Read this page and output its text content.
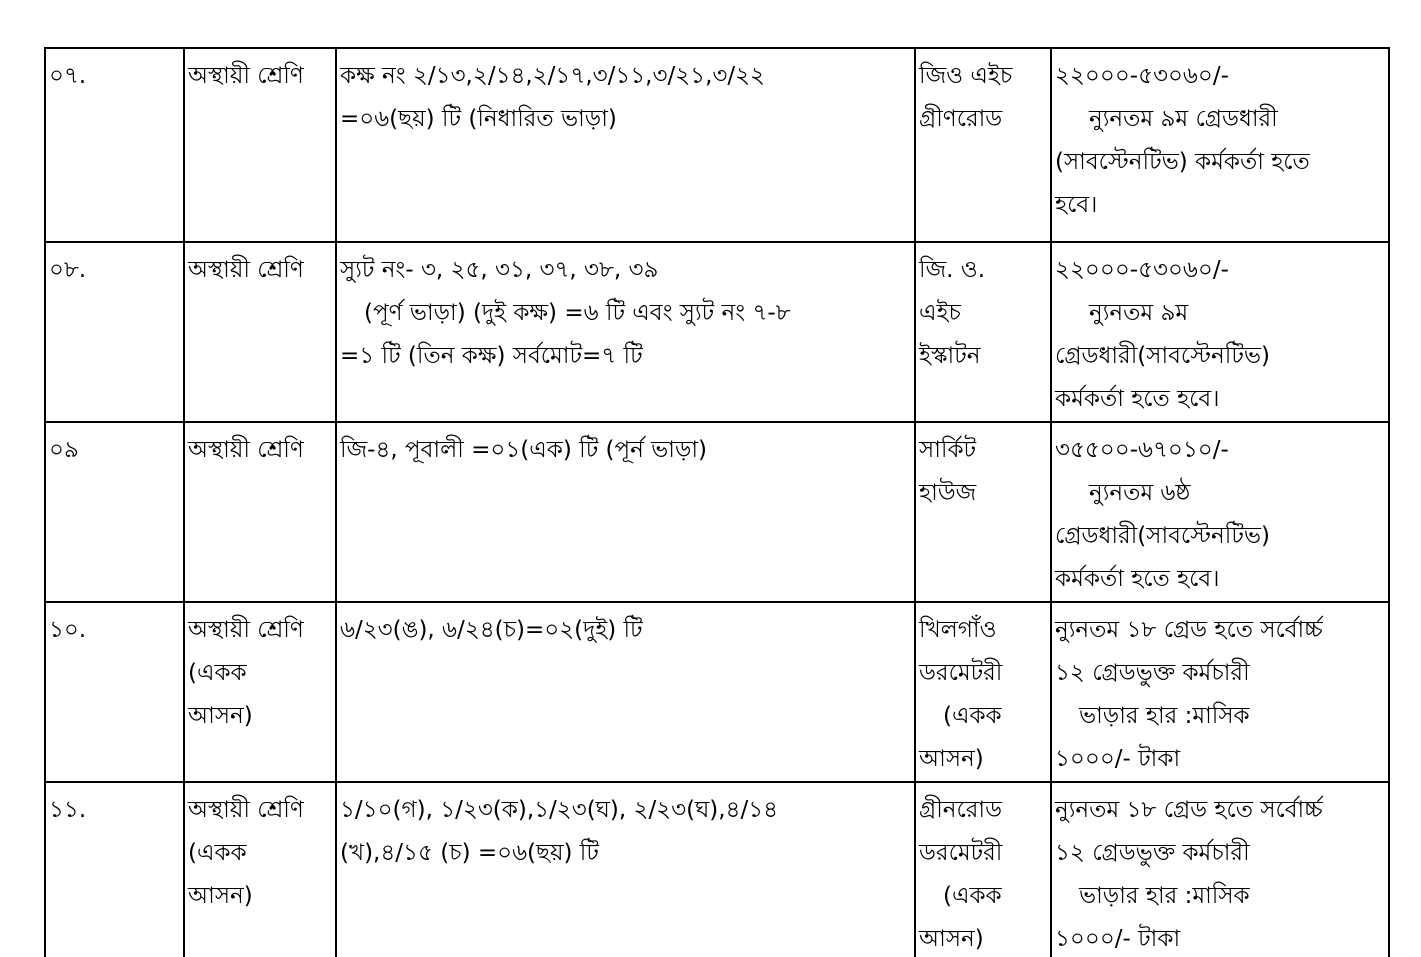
০৭.	অস্থায়ী শ্রেণি	কক্ষ নং ২/১৩,২/১৪,২/১৭,৩/১১,৩/২১,৩/২২
=০৬(ছয়) টি (নিধারিত ভাড়া)	জিও এইচ
গ্রীণরোড	২২০০০-৫৩০৬০/-
ন্যুনতম ৯ম গ্রেডধারী
(সাবস্টেনটিভ) কর্মকর্তা হতে
হবে।

০৮.	অস্থায়ী শ্রেণি	স্যুট নং- ৩, ২৫, ৩১, ৩৭, ৩৮, ৩৯
(পূর্ণ ভাড়া) (দুই কক্ষ) =৬ টি এবং স্যুট নং ৭-৮
=১ টি (তিন কক্ষ) সর্বমোট=৭ টি	জি. ও.
এইচ
ইস্কাটন	২২০০০-৫৩০৬০/-
ন্যুনতম ৯ম
গ্রেডধারী(সাবস্টেনটিভ)
কর্মকর্তা হতে হবে।

০৯	অস্থায়ী শ্রেণি	জি-৪, পূবালী =০১(এক) টি (পূর্ন ভাড়া)	সার্কিট
হাউজ	৩৫৫০০-৬৭০১০/-
ন্যুনতম ৬ষ্ঠ
গ্রেডধারী(সাবস্টেনটিভ)
কর্মকর্তা হতে হবে।

১০.	অস্থায়ী শ্রেণি
(একক
আসন)	৬/২৩(ঙ), ৬/২৪(চ)=০২(দুই) টি	খিলগাঁও
ডরমেটরী
(একক
আসন)	ন্যুনতম ১৮ গ্রেড হতে সর্বোর্চ্চ
১২ গ্রেডভুক্ত কর্মচারী
ভাড়ার হার :মাসিক
১০০০/- টাকা

১১.	অস্থায়ী শ্রেণি
(একক
আসন)	১/১০(গ), ১/২৩(ক),১/২৩(ঘ), ২/২৩(ঘ),৪/১৪
(খ),৪/১৫ (চ) =০৬(ছয়) টি	গ্রীনরোড
ডরমেটরী
(একক
আসন)	ন্যুনতম ১৮ গ্রেড হতে সর্বোর্চ্চ
১২ গ্রেডভুক্ত কর্মচারী
ভাড়ার হার :মাসিক
১০০০/- টাকা
